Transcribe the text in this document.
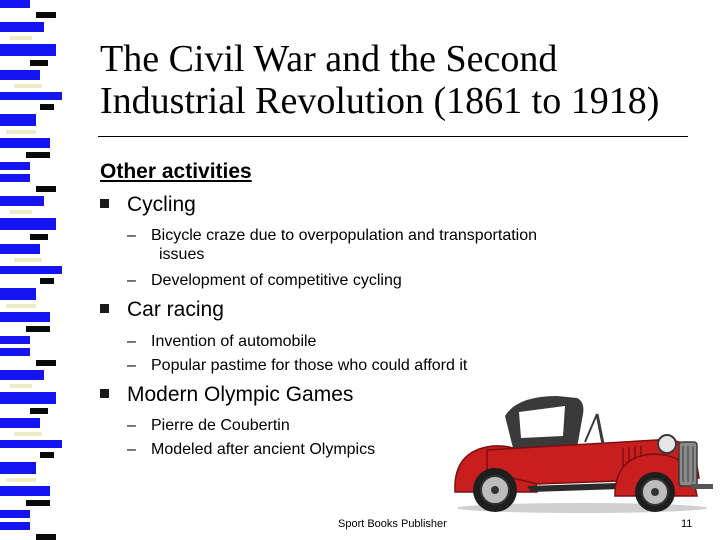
The Civil War and the Second
Industrial Revolution (1861 to 1918)
Other activities
Cycling
– Bicycle craze due to overpopulation and transportation
issues
– Development of competitive cycling
Car racing
– Invention of automobile
– Popular pastime for those who could afford it
Modern Olympic Games
– Pierre de Coubertin
– Modeled after ancient Olympics
Sport Books Publisher	11
